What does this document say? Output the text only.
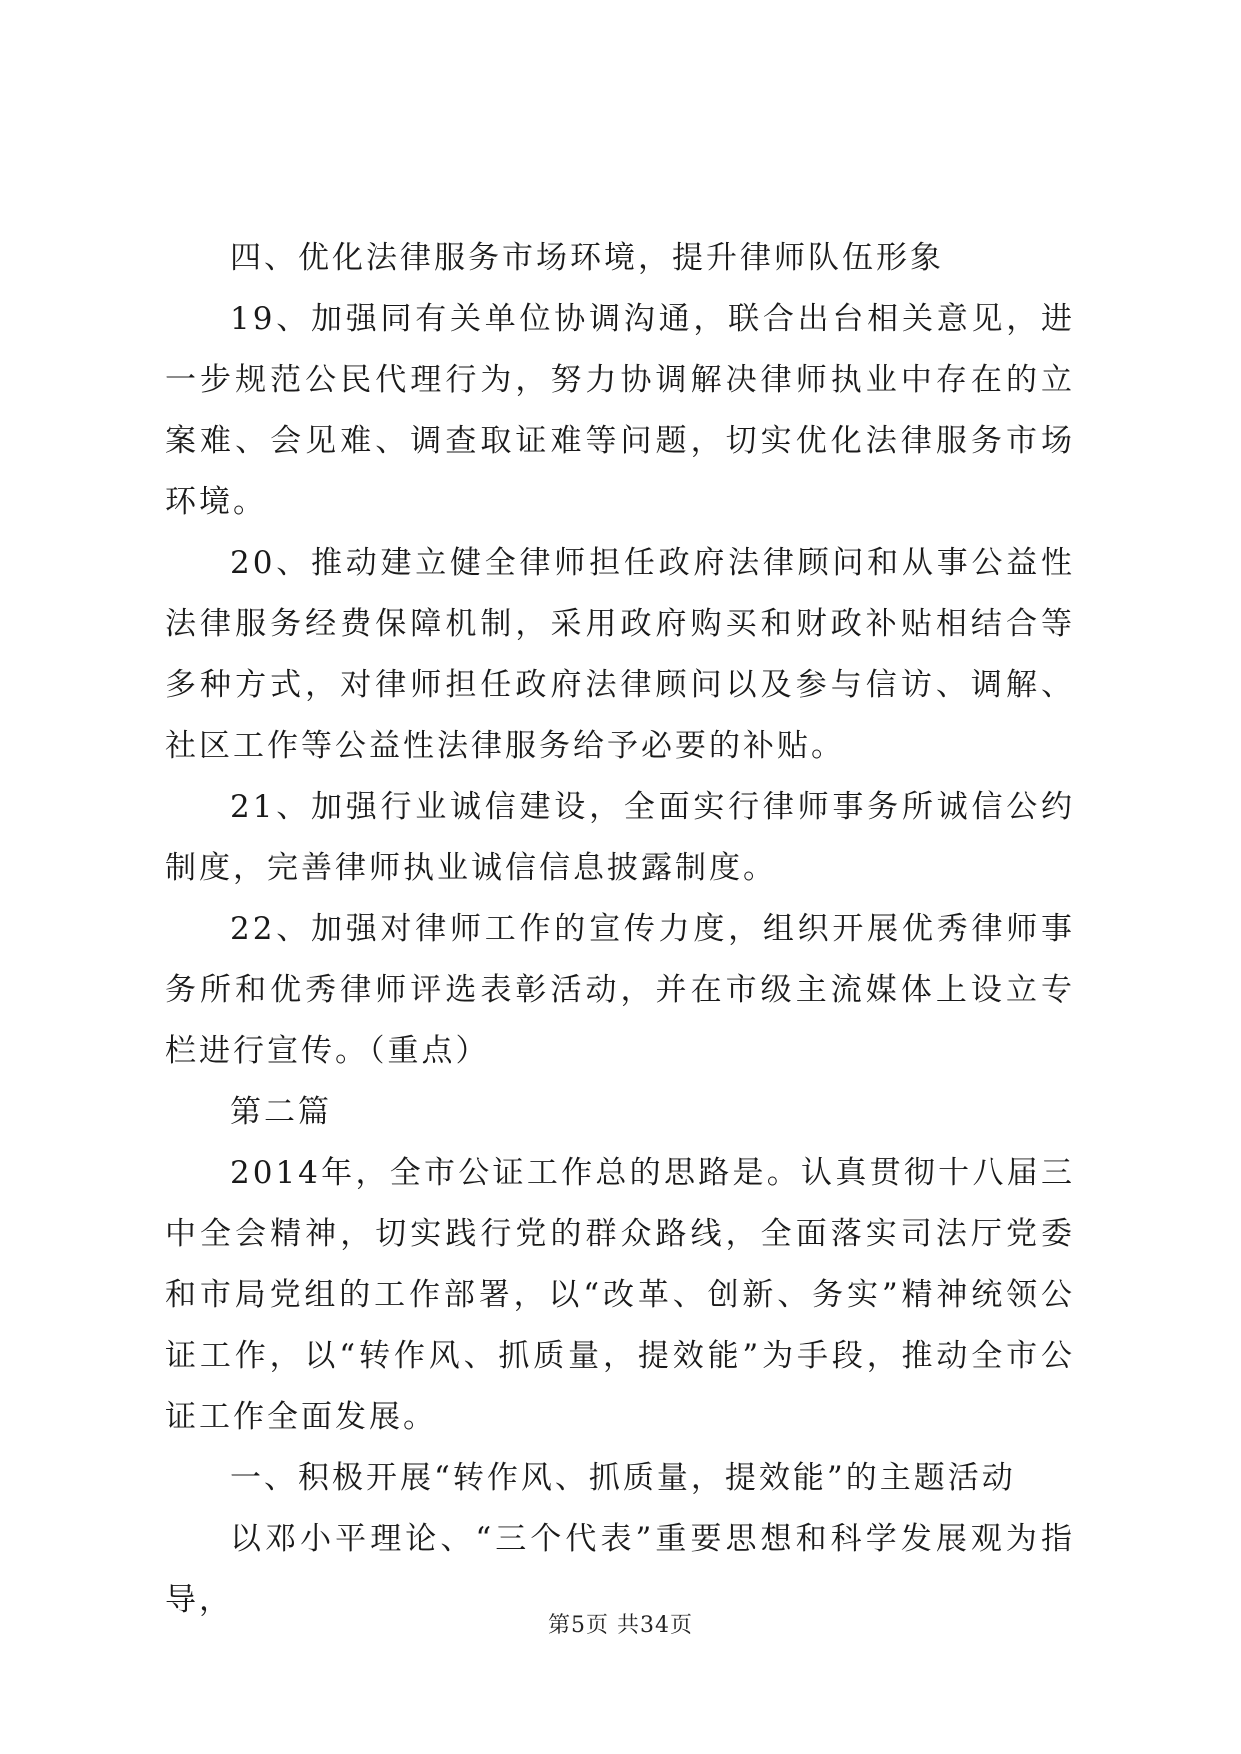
四、优化法律服务市场环境，提升律师队伍形象

19、加强同有关单位协调沟通，联合出台相关意见，进一步规范公民代理行为，努力协调解决律师执业中存在的立案难、会见难、调查取证难等问题，切实优化法律服务市场环境。

20、推动建立健全律师担任政府法律顾问和从事公益性法律服务经费保障机制，采用政府购买和财政补贴相结合等多种方式，对律师担任政府法律顾问以及参与信访、调解、社区工作等公益性法律服务给予必要的补贴。

21、加强行业诚信建设，全面实行律师事务所诚信公约制度，完善律师执业诚信信息披露制度。

22、加强对律师工作的宣传力度，组织开展优秀律师事务所和优秀律师评选表彰活动，并在市级主流媒体上设立专栏进行宣传。（重点）

第二篇

2014年，全市公证工作总的思路是。认真贯彻十八届三中全会精神，切实践行党的群众路线，全面落实司法厅党委和市局党组的工作部署，以“改革、创新、务实”精神统领公证工作，以“转作风、抓质量，提效能”为手段，推动全市公证工作全面发展。

一、积极开展“转作风、抓质量，提效能”的主题活动

以邓小平理论、“三个代表”重要思想和科学发展观为指导，

第5页 共34页
